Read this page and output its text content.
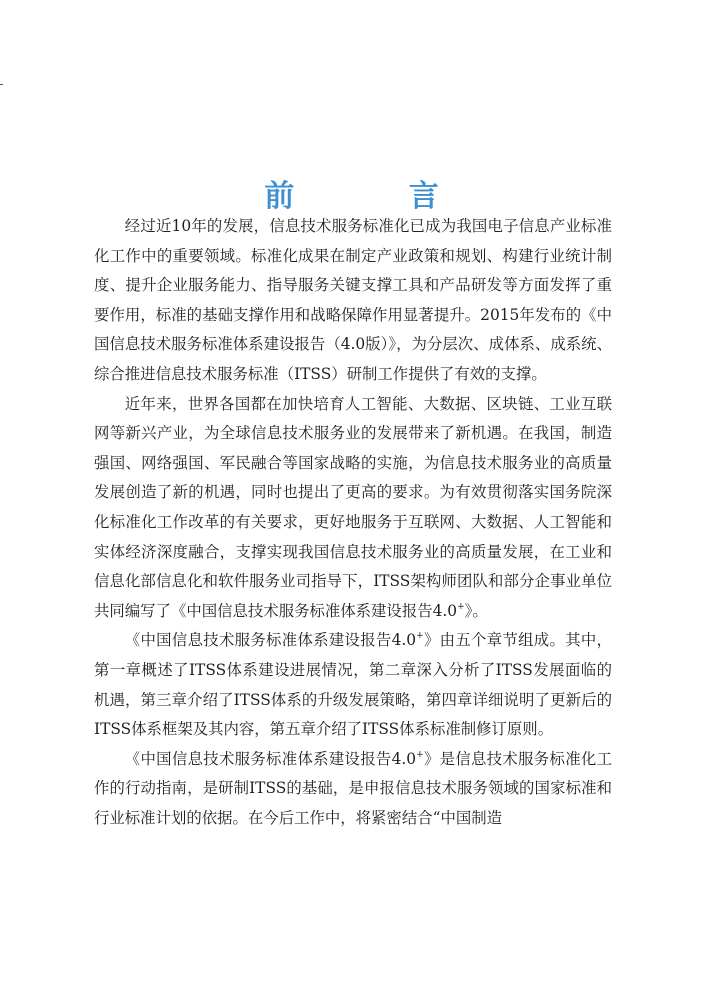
前 言

经过近10年的发展，信息技术服务标准化已成为我国电子信息产业标准化工作中的重要领域。标准化成果在制定产业政策和规划、构建行业统计制度、提升企业服务能力、指导服务关键支撑工具和产品研发等方面发挥了重要作用，标准的基础支撑作用和战略保障作用显著提升。2015年发布的《中国信息技术服务标准体系建设报告（4.0版）》，为分层次、成体系、成系统、综合推进信息技术服务标准（ITSS）研制工作提供了有效的支撑。

近年来，世界各国都在加快培育人工智能、大数据、区块链、工业互联网等新兴产业，为全球信息技术服务业的发展带来了新机遇。在我国，制造强国、网络强国、军民融合等国家战略的实施，为信息技术服务业的高质量发展创造了新的机遇，同时也提出了更高的要求。为有效贯彻落实国务院深化标准化工作改革的有关要求，更好地服务于互联网、大数据、人工智能和实体经济深度融合，支撑实现我国信息技术服务业的高质量发展，在工业和信息化部信息化和软件服务业司指导下，ITSS架构师团队和部分企事业单位共同编写了《中国信息技术服务标准体系建设报告4.0+》。

《中国信息技术服务标准体系建设报告4.0+》由五个章节组成。其中，第一章概述了ITSS体系建设进展情况，第二章深入分析了ITSS发展面临的机遇，第三章介绍了ITSS体系的升级发展策略，第四章详细说明了更新后的ITSS体系框架及其内容，第五章介绍了ITSS体系标准制修订原则。

《中国信息技术服务标准体系建设报告4.0+》是信息技术服务标准化工作的行动指南，是研制ITSS的基础，是申报信息技术服务领域的国家标准和行业标准计划的依据。在今后工作中，将紧密结合“中国制造
